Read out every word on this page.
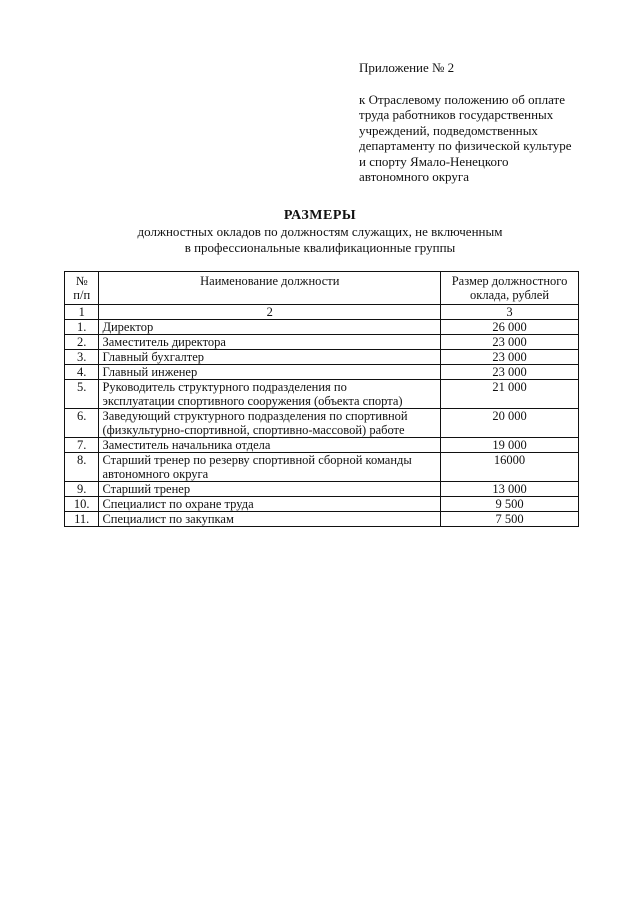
Приложение № 2
к Отраслевому положению об оплате
труда работников государственных
учреждений, подведомственных
департаменту по физической культуре
и спорту Ямало-Ненецкого
автономного округа
РАЗМЕРЫ
должностных окладов по должностям служащих, не включенным
в профессиональные квалификационные группы
№
п/п	Наименование должности	Размер должностного
оклада, рублей

1	2	3
1.	Директор	26 000
2.	Заместитель директора	23 000
3.	Главный бухгалтер	23 000
4.	Главный инженер	23 000
5.	Руководитель структурного подразделения по
эксплуатации спортивного сооружения (объекта спорта)	21 000
6.	Заведующий структурного подразделения по спортивной
(физкультурно-спортивной, спортивно-массовой) работе	20 000
7.	Заместитель начальника отдела	19 000
8.	Старший тренер по резерву спортивной сборной команды
автономного округа	16000
9.	Старший тренер	13 000
10.	Специалист по охране труда	9 500
11.	Специалист по закупкам	7 500
